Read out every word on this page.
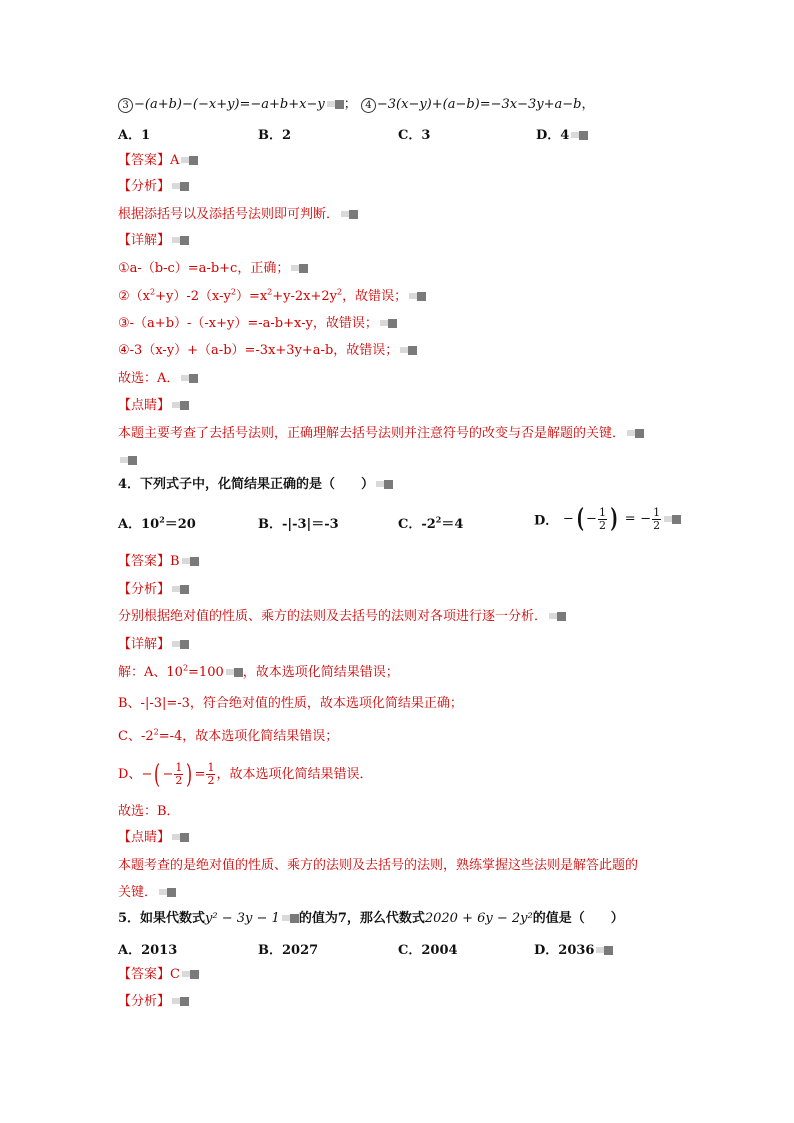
3 −(a+b)−(−x+y)=−a+b+x−y ； 4 −3(x−y)+(a−b)=−3x−3y+a−b，
A．1	B．2	C．3	D．4
【答案】A
【分析】
根据添括号以及添括号法则即可判断．
【详解】
①a-（b-c）=a-b+c，正确；
$②(x^2+y)-2(x-y^2)=x^2+y-2x+2y^2$，故错误；
③-（a+b）-（-x+y）=-a-b+x-y，故错误；
④-3（x-y）+（a-b）=-3x+3y+a-b，故错误；
故选：A．
【点睛】
本题主要考查了去括号法则，正确理解去括号法则并注意符号的改变与否是解题的关键．
4．下列式子中，化简结果正确的是（　　）
A．$10^2=20$	B．-|-3|＝-3	C．$-2^2=4$	D． −( − $\frac{1}{2}$ ) = − $\frac{1}{2}$
【答案】B
【分析】
分别根据绝对值的性质、乘方的法则及去括号的法则对各项进行逐一分析．
【详解】
解：A、$10^2=100$ ，故本选项化简结果错误；
B、-|-3|=-3，符合绝对值的性质，故本选项化简结果正确；
C、$-2^2=-4$，故本选项化简结果错误；
D、−( − $\frac{1}{2}$ ) = $\frac{1}{2}$ ，故本选项化简结果错误．
故选：B．
【点睛】
本题考查的是绝对值的性质、乘方的法则及去括号的法则，熟练掌握这些法则是解答此题的
关键．
5．如果代数式y² − 3y − 1 的值为7，那么代数式2020 + 6y − 2y²的值是（　　）
A．2013	B．2027	C．2004	D．2036
【答案】C
【分析】
